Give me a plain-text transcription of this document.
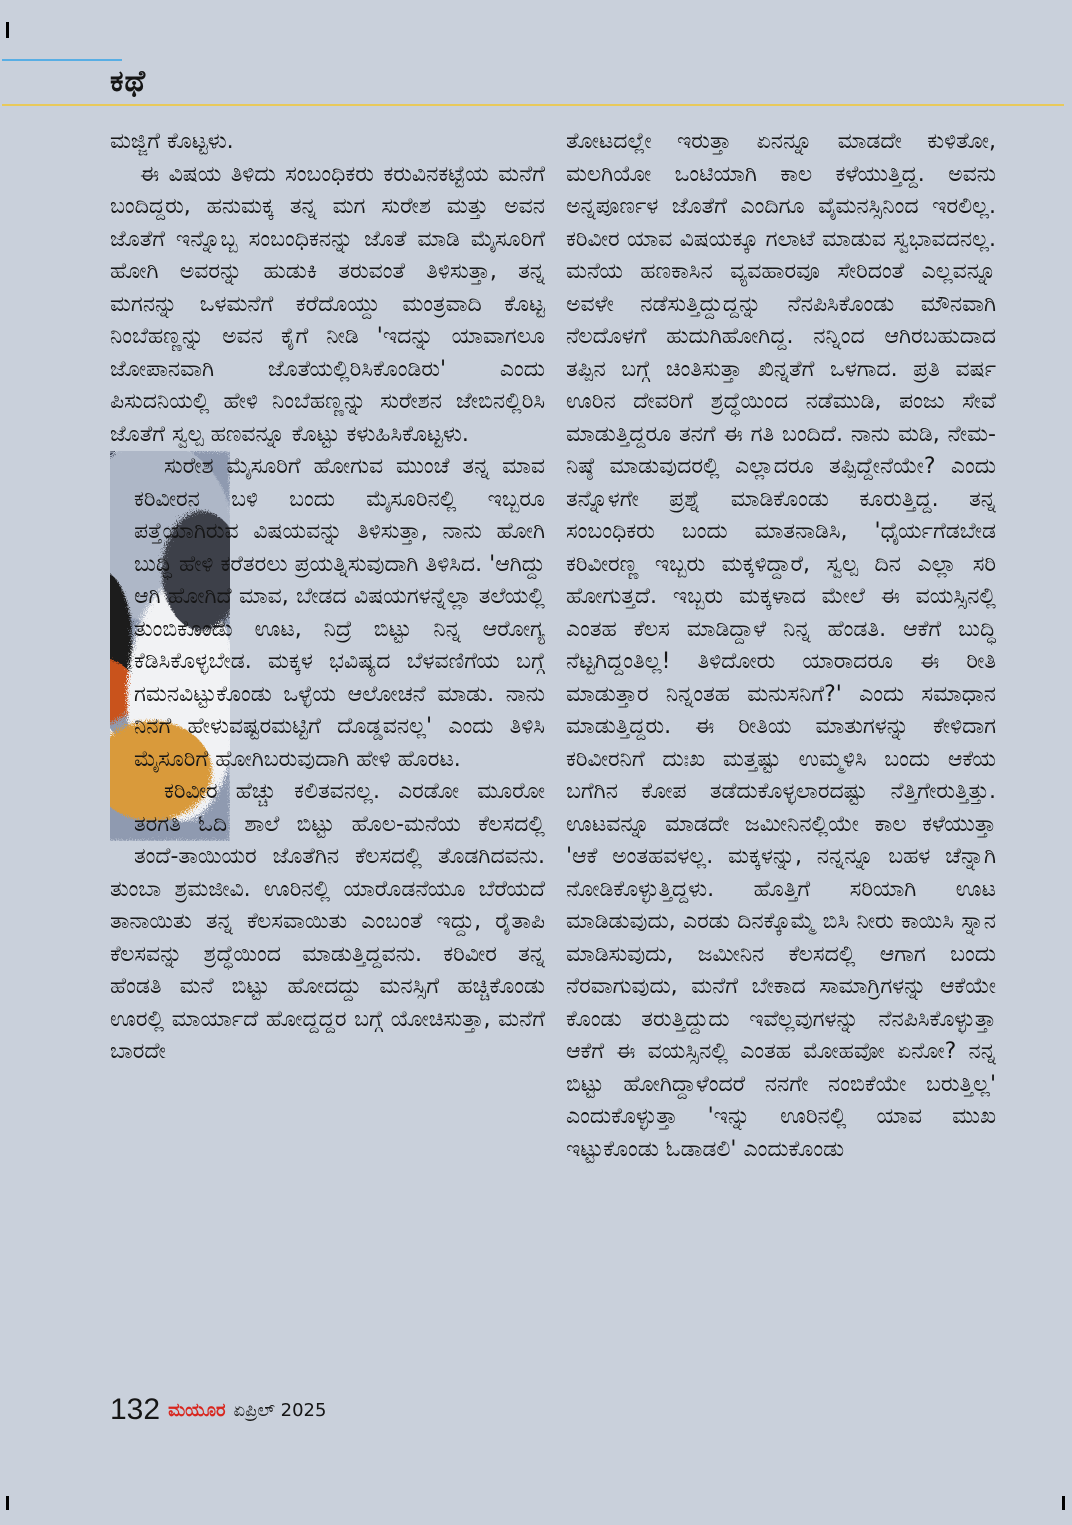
ಕಥೆ

ಮಜ್ಜಿಗೆ ಕೊಟ್ಟಳು.

ಈ ವಿಷಯ ತಿಳಿದು ಸಂಬಂಧಿಕರು ಕರುವಿನಕಟ್ಟೆಯ ಮನೆಗೆ ಬಂದಿದ್ದರು, ಹನುಮಕ್ಕ ತನ್ನ ಮಗ ಸುರೇಶ ಮತ್ತು ಅವನ ಜೊತೆಗೆ ಇನ್ನೊಬ್ಬ ಸಂಬಂಧಿಕನನ್ನು ಜೊತೆ ಮಾಡಿ ಮೈಸೂರಿಗೆ ಹೋಗಿ ಅವರನ್ನು ಹುಡುಕಿ ತರುವಂತೆ ತಿಳಿಸುತ್ತಾ, ತನ್ನ ಮಗನನ್ನು ಒಳಮನೆಗೆ ಕರೆದೊಯ್ದು ಮಂತ್ರವಾದಿ ಕೊಟ್ಟ ನಿಂಬೆಹಣ್ಣನ್ನು ಅವನ ಕೈಗೆ ನೀಡಿ 'ಇದನ್ನು ಯಾವಾಗಲೂ ಜೋಪಾನವಾಗಿ ಜೊತೆಯಲ್ಲಿರಿಸಿಕೊಂಡಿರು' ಎಂದು ಪಿಸುದನಿಯಲ್ಲಿ ಹೇಳಿ ನಿಂಬೆಹಣ್ಣನ್ನು ಸುರೇಶನ ಜೇಬಿನಲ್ಲಿರಿಸಿ ಜೊತೆಗೆ ಸ್ವಲ್ಪ ಹಣವನ್ನೂ ಕೊಟ್ಟು ಕಳುಹಿಸಿಕೊಟ್ಟಳು.

ಸುರೇಶ ಮೈಸೂರಿಗೆ ಹೋಗುವ ಮುಂಚೆ ತನ್ನ ಮಾವ ಕರಿವೀರನ ಬಳಿ ಬಂದು ಮೈಸೂರಿನಲ್ಲಿ ಇಬ್ಬರೂ ಪತ್ತೆಯಾಗಿರುವ ವಿಷಯವನ್ನು ತಿಳಿಸುತ್ತಾ, ನಾನು ಹೋಗಿ ಬುದ್ಧಿ ಹೇಳಿ ಕರೆತರಲು ಪ್ರಯತ್ನಿಸುವುದಾಗಿ ತಿಳಿಸಿದ. 'ಆಗಿದ್ದು ಆಗಿ ಹೋಗಿದೆ ಮಾವ, ಬೇಡದ ವಿಷಯಗಳನ್ನೆಲ್ಲಾ ತಲೆಯಲ್ಲಿ ತುಂಬಿಕೊಂಡು ಊಟ, ನಿದ್ರೆ ಬಿಟ್ಟು ನಿನ್ನ ಆರೋಗ್ಯ ಕೆಡಿಸಿಕೊಳ್ಳಬೇಡ. ಮಕ್ಕಳ ಭವಿಷ್ಯದ ಬೆಳವಣಿಗೆಯ ಬಗ್ಗೆ ಗಮನವಿಟ್ಟುಕೊಂಡು ಒಳ್ಳೆಯ ಆಲೋಚನೆ ಮಾಡು. ನಾನು ನಿನಗೆ ಹೇಳುವಷ್ಟರಮಟ್ಟಿಗೆ ದೊಡ್ಡವನಲ್ಲ' ಎಂದು ತಿಳಿಸಿ ಮೈಸೂರಿಗೆ ಹೋಗಿಬರುವುದಾಗಿ ಹೇಳಿ ಹೊರಟ.

ಕರಿವೀರ ಹೆಚ್ಚು ಕಲಿತವನಲ್ಲ. ಎರಡೋ ಮೂರೋ ತರಗತಿ ಓದಿ ಶಾಲೆ ಬಿಟ್ಟು ಹೊಲ-ಮನೆಯ ಕೆಲಸದಲ್ಲಿ ತಂದೆ-ತಾಯಿಯರ ಜೊತೆಗಿನ ಕೆಲಸದಲ್ಲಿ ತೊಡಗಿದವನು. ತುಂಬಾ ಶ್ರಮಜೀವಿ. ಊರಿನಲ್ಲಿ ಯಾರೊಡನೆಯೂ ಬೆರೆಯದೆ ತಾನಾಯಿತು ತನ್ನ ಕೆಲಸವಾಯಿತು ಎಂಬಂತೆ ಇದ್ದು, ರೈತಾಪಿ ಕೆಲಸವನ್ನು ಶ್ರದ್ಧೆಯಿಂದ ಮಾಡುತ್ತಿದ್ದವನು. ಕರಿವೀರ ತನ್ನ ಹೆಂಡತಿ ಮನೆ ಬಿಟ್ಟು ಹೋದದ್ದು ಮನಸ್ಸಿಗೆ ಹಚ್ಚಿಕೊಂಡು ಊರಲ್ಲಿ ಮಾರ್ಯಾದೆ ಹೋದ್ದದ್ದರ ಬಗ್ಗೆ ಯೋಚಿಸುತ್ತಾ, ಮನೆಗೆ ಬಾರದೇ

ತೋಟದಲ್ಲೇ ಇರುತ್ತಾ ಏನನ್ನೂ ಮಾಡದೇ ಕುಳಿತೋ, ಮಲಗಿಯೋ ಒಂಟಿಯಾಗಿ ಕಾಲ ಕಳೆಯುತ್ತಿದ್ದ. ಅವನು ಅನ್ನಪೂರ್ಣಳ ಜೊತೆಗೆ ಎಂದಿಗೂ ವೈಮನಸ್ಸಿನಿಂದ ಇರಲಿಲ್ಲ. ಕರಿವೀರ ಯಾವ ವಿಷಯಕ್ಕೂ ಗಲಾಟೆ ಮಾಡುವ ಸ್ವಭಾವದನಲ್ಲ. ಮನೆಯ ಹಣಕಾಸಿನ ವ್ಯವಹಾರವೂ ಸೇರಿದಂತೆ ಎಲ್ಲವನ್ನೂ ಅವಳೇ ನಡೆಸುತ್ತಿದ್ದುದ್ದನ್ನು ನೆನಪಿಸಿಕೊಂಡು ಮೌನವಾಗಿ ನೆಲದೊಳಗೆ ಹುದುಗಿಹೋಗಿದ್ದ. ನನ್ನಿಂದ ಆಗಿರಬಹುದಾದ ತಪ್ಪಿನ ಬಗ್ಗೆ ಚಿಂತಿಸುತ್ತಾ ಖಿನ್ನತೆಗೆ ಒಳಗಾದ. ಪ್ರತಿ ವರ್ಷ ಊರಿನ ದೇವರಿಗೆ ಶ್ರದ್ಧೆಯಿಂದ ನಡೆಮುಡಿ, ಪಂಜು ಸೇವೆ ಮಾಡುತ್ತಿದ್ದರೂ ತನಗೆ ಈ ಗತಿ ಬಂದಿದೆ. ನಾನು ಮಡಿ, ನೇಮ-ನಿಷ್ಠೆ ಮಾಡುವುದರಲ್ಲಿ ಎಲ್ಲಾದರೂ ತಪ್ಪಿದ್ದೇನೆಯೇ? ಎಂದು ತನ್ನೊಳಗೇ ಪ್ರಶ್ನೆ ಮಾಡಿಕೊಂಡು ಕೂರುತ್ತಿದ್ದ. ತನ್ನ ಸಂಬಂಧಿಕರು ಬಂದು ಮಾತನಾಡಿಸಿ, 'ಧೈರ್ಯಗೆಡಬೇಡ ಕರಿವೀರಣ್ಣ ಇಬ್ಬರು ಮಕ್ಕಳಿದ್ದಾರೆ, ಸ್ವಲ್ಪ ದಿನ ಎಲ್ಲಾ ಸರಿ ಹೋಗುತ್ತದೆ. ಇಬ್ಬರು ಮಕ್ಕಳಾದ ಮೇಲೆ ಈ ವಯಸ್ಸಿನಲ್ಲಿ ಎಂತಹ ಕೆಲಸ ಮಾಡಿದ್ದಾಳೆ ನಿನ್ನ ಹೆಂಡತಿ. ಆಕೆಗೆ ಬುದ್ಧಿ ನೆಟ್ಟಗಿದ್ದಂತಿಲ್ಲ! ತಿಳಿದೋರು ಯಾರಾದರೂ ಈ ರೀತಿ ಮಾಡುತ್ತಾರ ನಿನ್ನಂತಹ ಮನುಸನಿಗೆ?' ಎಂದು ಸಮಾಧಾನ ಮಾಡುತ್ತಿದ್ದರು. ಈ ರೀತಿಯ ಮಾತುಗಳನ್ನು ಕೇಳಿದಾಗ ಕರಿವೀರನಿಗೆ ದುಃಖ ಮತ್ತಷ್ಟು ಉಮ್ಮಳಿಸಿ ಬಂದು ಆಕೆಯ ಬಗೆಗಿನ ಕೋಪ ತಡೆದುಕೊಳ್ಳಲಾರದಷ್ಟು ನೆತ್ತಿಗೇರುತ್ತಿತ್ತು. ಊಟವನ್ನೂ ಮಾಡದೇ ಜಮೀನಿನಲ್ಲಿಯೇ ಕಾಲ ಕಳೆಯುತ್ತಾ 'ಆಕೆ ಅಂತಹವಳಲ್ಲ. ಮಕ್ಕಳನ್ನು, ನನ್ನನ್ನೂ ಬಹಳ ಚೆನ್ನಾಗಿ ನೋಡಿಕೊಳ್ಳುತ್ತಿದ್ದಳು. ಹೊತ್ತಿಗೆ ಸರಿಯಾಗಿ ಊಟ ಮಾಡಿಡುವುದು, ಎರಡು ದಿನಕ್ಕೊಮ್ಮೆ ಬಿಸಿ ನೀರು ಕಾಯಿಸಿ ಸ್ನಾನ ಮಾಡಿಸುವುದು, ಜಮೀನಿನ ಕೆಲಸದಲ್ಲಿ ಆಗಾಗ ಬಂದು ನೆರವಾಗುವುದು, ಮನೆಗೆ ಬೇಕಾದ ಸಾಮಾಗ್ರಿಗಳನ್ನು ಆಕೆಯೇ ಕೊಂಡು ತರುತ್ತಿದ್ದುದು ಇವೆಲ್ಲವುಗಳನ್ನು ನೆನಪಿಸಿಕೊಳ್ಳುತ್ತಾ ಆಕೆಗೆ ಈ ವಯಸ್ಸಿನಲ್ಲಿ ಎಂತಹ ಮೋಹವೋ ಏನೋ? ನನ್ನ ಬಿಟ್ಟು ಹೋಗಿದ್ದಾಳೆಂದರೆ ನನಗೇ ನಂಬಿಕೆಯೇ ಬರುತ್ತಿಲ್ಲ' ಎಂದುಕೊಳ್ಳುತ್ತಾ 'ಇನ್ನು ಊರಿನಲ್ಲಿ ಯಾವ ಮುಖ ಇಟ್ಟುಕೊಂಡು ಓಡಾಡಲಿ' ಎಂದುಕೊಂಡು

132 ಮಯೂರ ಏಪ್ರಿಲ್ 2025
